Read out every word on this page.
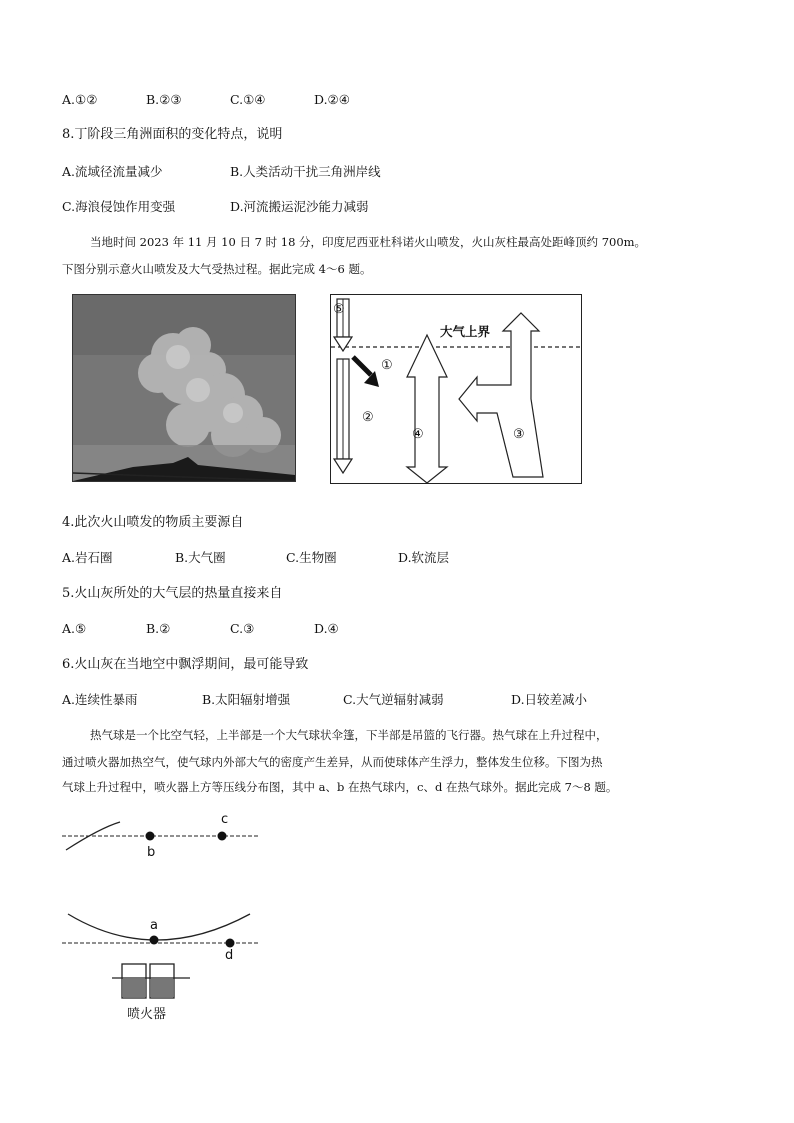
A.①②	B.②③	C.①④	D.②④
8.丁阶段三角洲面积的变化特点，说明
A.流域径流量减少	B.人类活动干扰三角洲岸线
C.海浪侵蚀作用变强	D.河流搬运泥沙能力减弱
当地时间 2023 年 11 月 10 日 7 时 18 分，印度尼西亚杜科诺火山喷发，火山灰柱最高处距峰顶约 700m。
下图分别示意火山喷发及大气受热过程。据此完成 4～6 题。
⑤
大气上界
①
②
④	③
4.此次火山喷发的物质主要源自
A.岩石圈	B.大气圈	C.生物圈	D.软流层
5.火山灰所处的大气层的热量直接来自
A.⑤	B.②	C.③	D.④
6.火山灰在当地空中飘浮期间，最可能导致
A.连续性暴雨	B.太阳辐射增强	C.大气逆辐射减弱	D.日较差减小
热气球是一个比空气轻，上半部是一个大气球状伞篷，下半部是吊篮的飞行器。热气球在上升过程中，
通过喷火器加热空气，使气球内外部大气的密度产生差异，从而使球体产生浮力，整体发生位移。下图为热
气球上升过程中，喷火器上方等压线分布图，其中 a、b 在热气球内，c、d 在热气球外。据此完成 7～8 题。
c
b
a
d
喷火器
